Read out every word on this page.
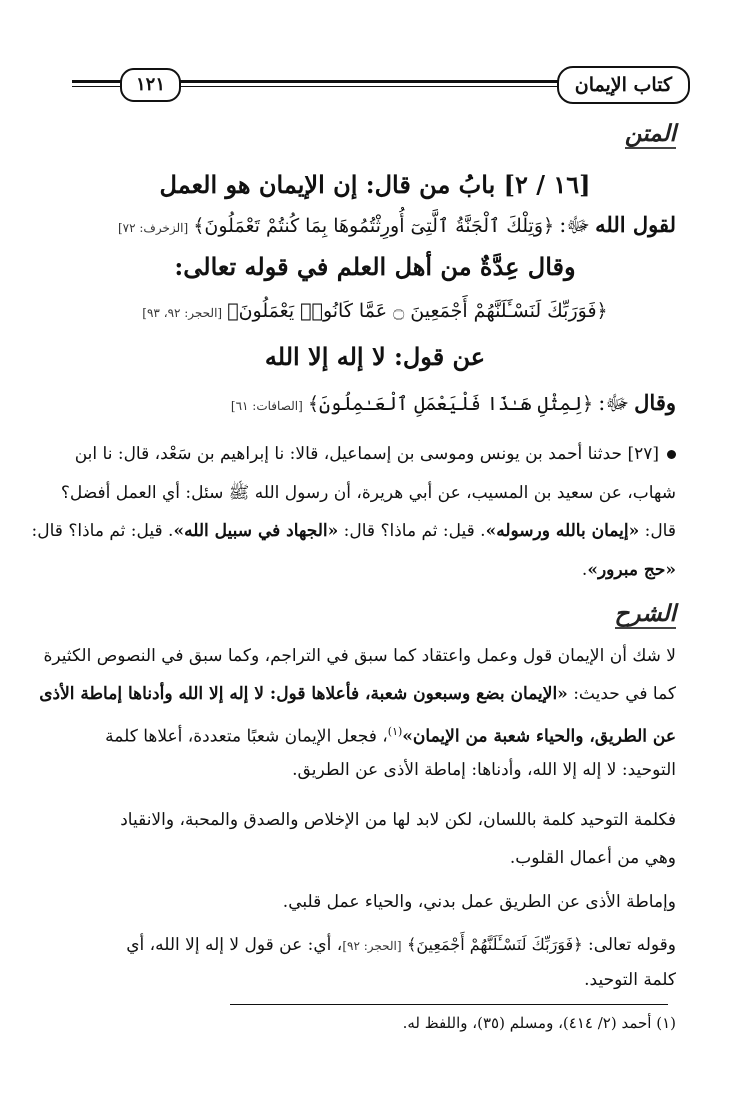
كتاب الإيمان
١٢١
المتن
[١٦ / ٢] بابُ من قال: إن الإيمان هو العمل
لقول الله ﷻ: ﴿وَتِلْكَ ٱلْجَنَّةُ ٱلَّتِىٓ أُورِثْتُمُوهَا بِمَا كُنتُمْ تَعْمَلُونَ﴾ [الزخرف: ٧٢]
وقال عِدَّةٌ من أهل العلم في قوله تعالى:
﴿فَوَرَبِّكَ لَنَسْـَٔلَنَّهُمْ أَجْمَعِينَ ۝ عَمَّا كَانُوا۟ يَعْمَلُونَ﴾ [الحجر: ٩٢، ٩٣]
عن قول: لا إله إلا الله
وقال ﷻ: ﴿لِمِثْلِ هَـٰذَا فَلْيَعْمَلِ ٱلْعَـٰمِلُونَ﴾ [الصافات: ٦١]
[٢٧] حدثنا أحمد بن يونس وموسى بن إسماعيل، قالا: نا إبراهيم بن سَعْد، قال: نا ابن
شهاب، عن سعيد بن المسيب، عن أبي هريرة، أن رسول الله ﷺ سئل: أي العمل أفضل؟
قال: «إيمان بالله ورسوله». قيل: ثم ماذا؟ قال: «الجهاد في سبيل الله». قيل: ثم ماذا؟ قال:
«حج مبرور».
الشرح
لا شك أن الإيمان قول وعمل واعتقاد كما سبق في التراجم، وكما سبق في النصوص الكثيرة
كما في حديث: «الإيمان بضع وسبعون شعبة، فأعلاها قول: لا إله إلا الله وأدناها إماطة الأذى
عن الطريق، والحياء شعبة من الإيمان»$^{(١)}$، فجعل الإيمان شعبًا متعددة، أعلاها كلمة
التوحيد: لا إله إلا الله، وأدناها: إماطة الأذى عن الطريق.
فكلمة التوحيد كلمة باللسان، لكن لابد لها من الإخلاص والصدق والمحبة، والانقياد
وهي من أعمال القلوب.
وإماطة الأذى عن الطريق عمل بدني، والحياء عمل قلبي.
وقوله تعالى: ﴿فَوَرَبِّكَ لَنَسْـَٔلَنَّهُمْ أَجْمَعِينَ﴾ [الحجر: ٩٢]، أي: عن قول لا إله إلا الله، أي
كلمة التوحيد.
(١) أحمد (٢/ ٤١٤)، ومسلم (٣٥)، واللفظ له.
